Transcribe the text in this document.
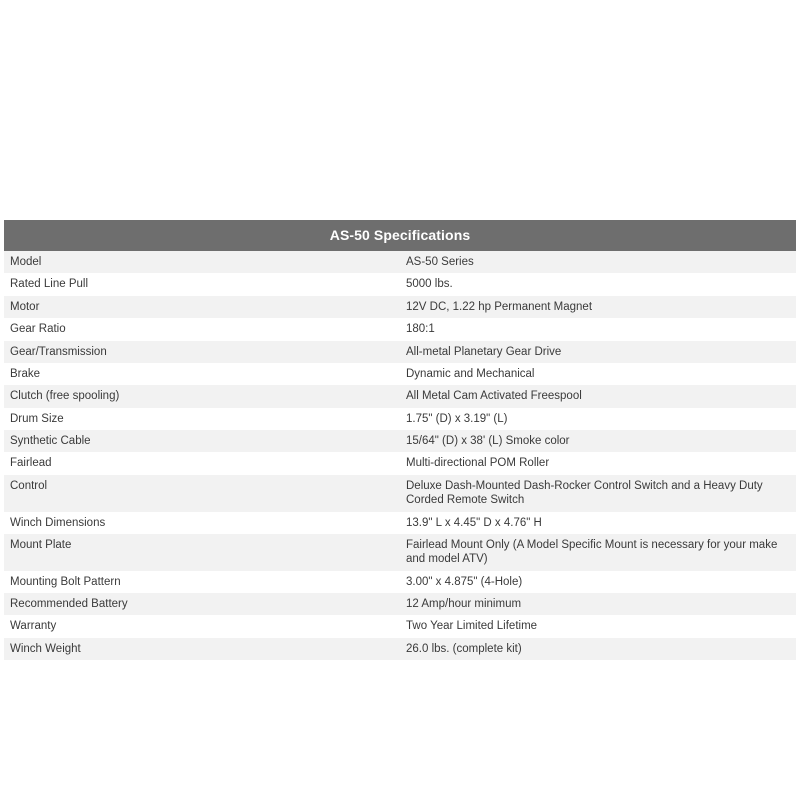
AS-50 Specifications	
Model	AS-50 Series
Rated Line Pull	5000 lbs.
Motor	12V DC, 1.22 hp Permanent Magnet
Gear Ratio	180:1
Gear/Transmission	All-metal Planetary Gear Drive
Brake	Dynamic and Mechanical
Clutch (free spooling)	All Metal Cam Activated Freespool
Drum Size	1.75" (D) x 3.19" (L)
Synthetic Cable	15/64" (D) x 38' (L) Smoke color
Fairlead	Multi-directional POM Roller
Control	Deluxe Dash-Mounted Dash-Rocker Control Switch and a Heavy Duty Corded Remote Switch
Winch Dimensions	13.9" L x 4.45" D x 4.76" H
Mount Plate	Fairlead Mount Only (A Model Specific Mount is necessary for your make and model ATV)
Mounting Bolt Pattern	3.00" x 4.875" (4-Hole)
Recommended Battery	12 Amp/hour minimum
Warranty	Two Year Limited Lifetime
Winch Weight	26.0 lbs. (complete kit)
